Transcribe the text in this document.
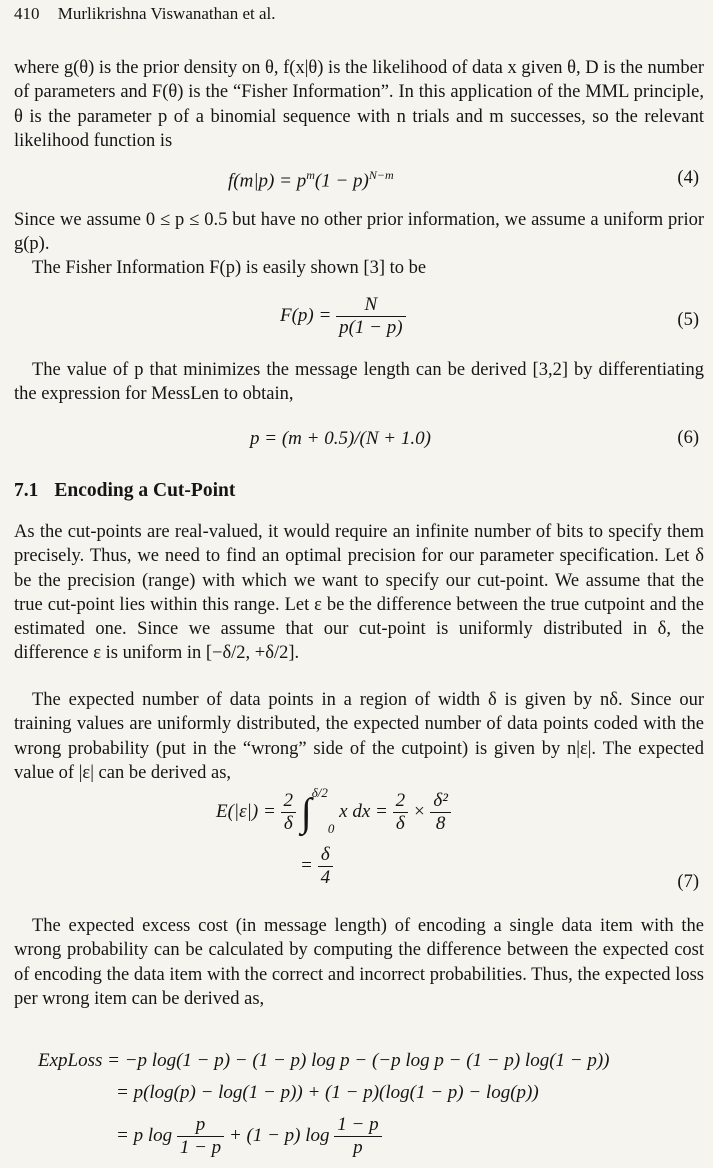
410 Murlikrishna Viswanathan et al.
where g(θ) is the prior density on θ, f(x|θ) is the likelihood of data x given θ, D is the number of parameters and F(θ) is the “Fisher Information”. In this application of the MML principle, θ is the parameter p of a binomial sequence with n trials and m successes, so the relevant likelihood function is
$f(m|p) = p^m(1 - p)^{N-m}$	(4)
Since we assume 0 ≤ p ≤ 0.5 but have no other prior information, we assume a uniform prior g(p).
The Fisher Information F(p) is easily shown [3] to be
$F(p) = \frac{N}{p(1 - p)}$	(5)
The value of p that minimizes the message length can be derived [3,2] by differentiating the expression for MessLen to obtain,
p = (m + 0.5)/(N + 1.0)	(6)
7.1 Encoding a Cut-Point
As the cut-points are real-valued, it would require an infinite number of bits to specify them precisely. Thus, we need to find an optimal precision for our parameter specification. Let δ be the precision (range) with which we want to specify our cut-point. We assume that the true cut-point lies within this range. Let ε be the difference between the true cutpoint and the estimated one. Since we assume that our cut-point is uniformly distributed in δ, the difference ε is uniform in [−δ/2, +δ/2].
The expected number of data points in a region of width δ is given by nδ. Since our training values are uniformly distributed, the expected number of data points coded with the wrong probability (put in the “wrong” side of the cutpoint) is given by n|ε|. The expected value of |ε| can be derived as,
$E(|\varepsilon|) = \frac{2}{\delta} \int^{\delta/2}_0$ x dx = $\frac{2}{\delta} \times \frac{\text{δ²}}{8}$
= $\frac{\delta}{4}$	(7)
The expected excess cost (in message length) of encoding a single data item with the wrong probability can be calculated by computing the difference between the expected cost of encoding the data item with the correct and incorrect probabilities. Thus, the expected loss per wrong item can be derived as,
ExpLoss = −p log(1 − p) − (1 − p) log p − (−p log p − (1 − p) log(1 − p))
= p(log(p) − log(1 − p)) + (1 − p)(log(1 − p) − log(p))
= p $\log \frac{p}{1 - p} + (1 - p)$ $\log \frac{1 - p}{p}$
